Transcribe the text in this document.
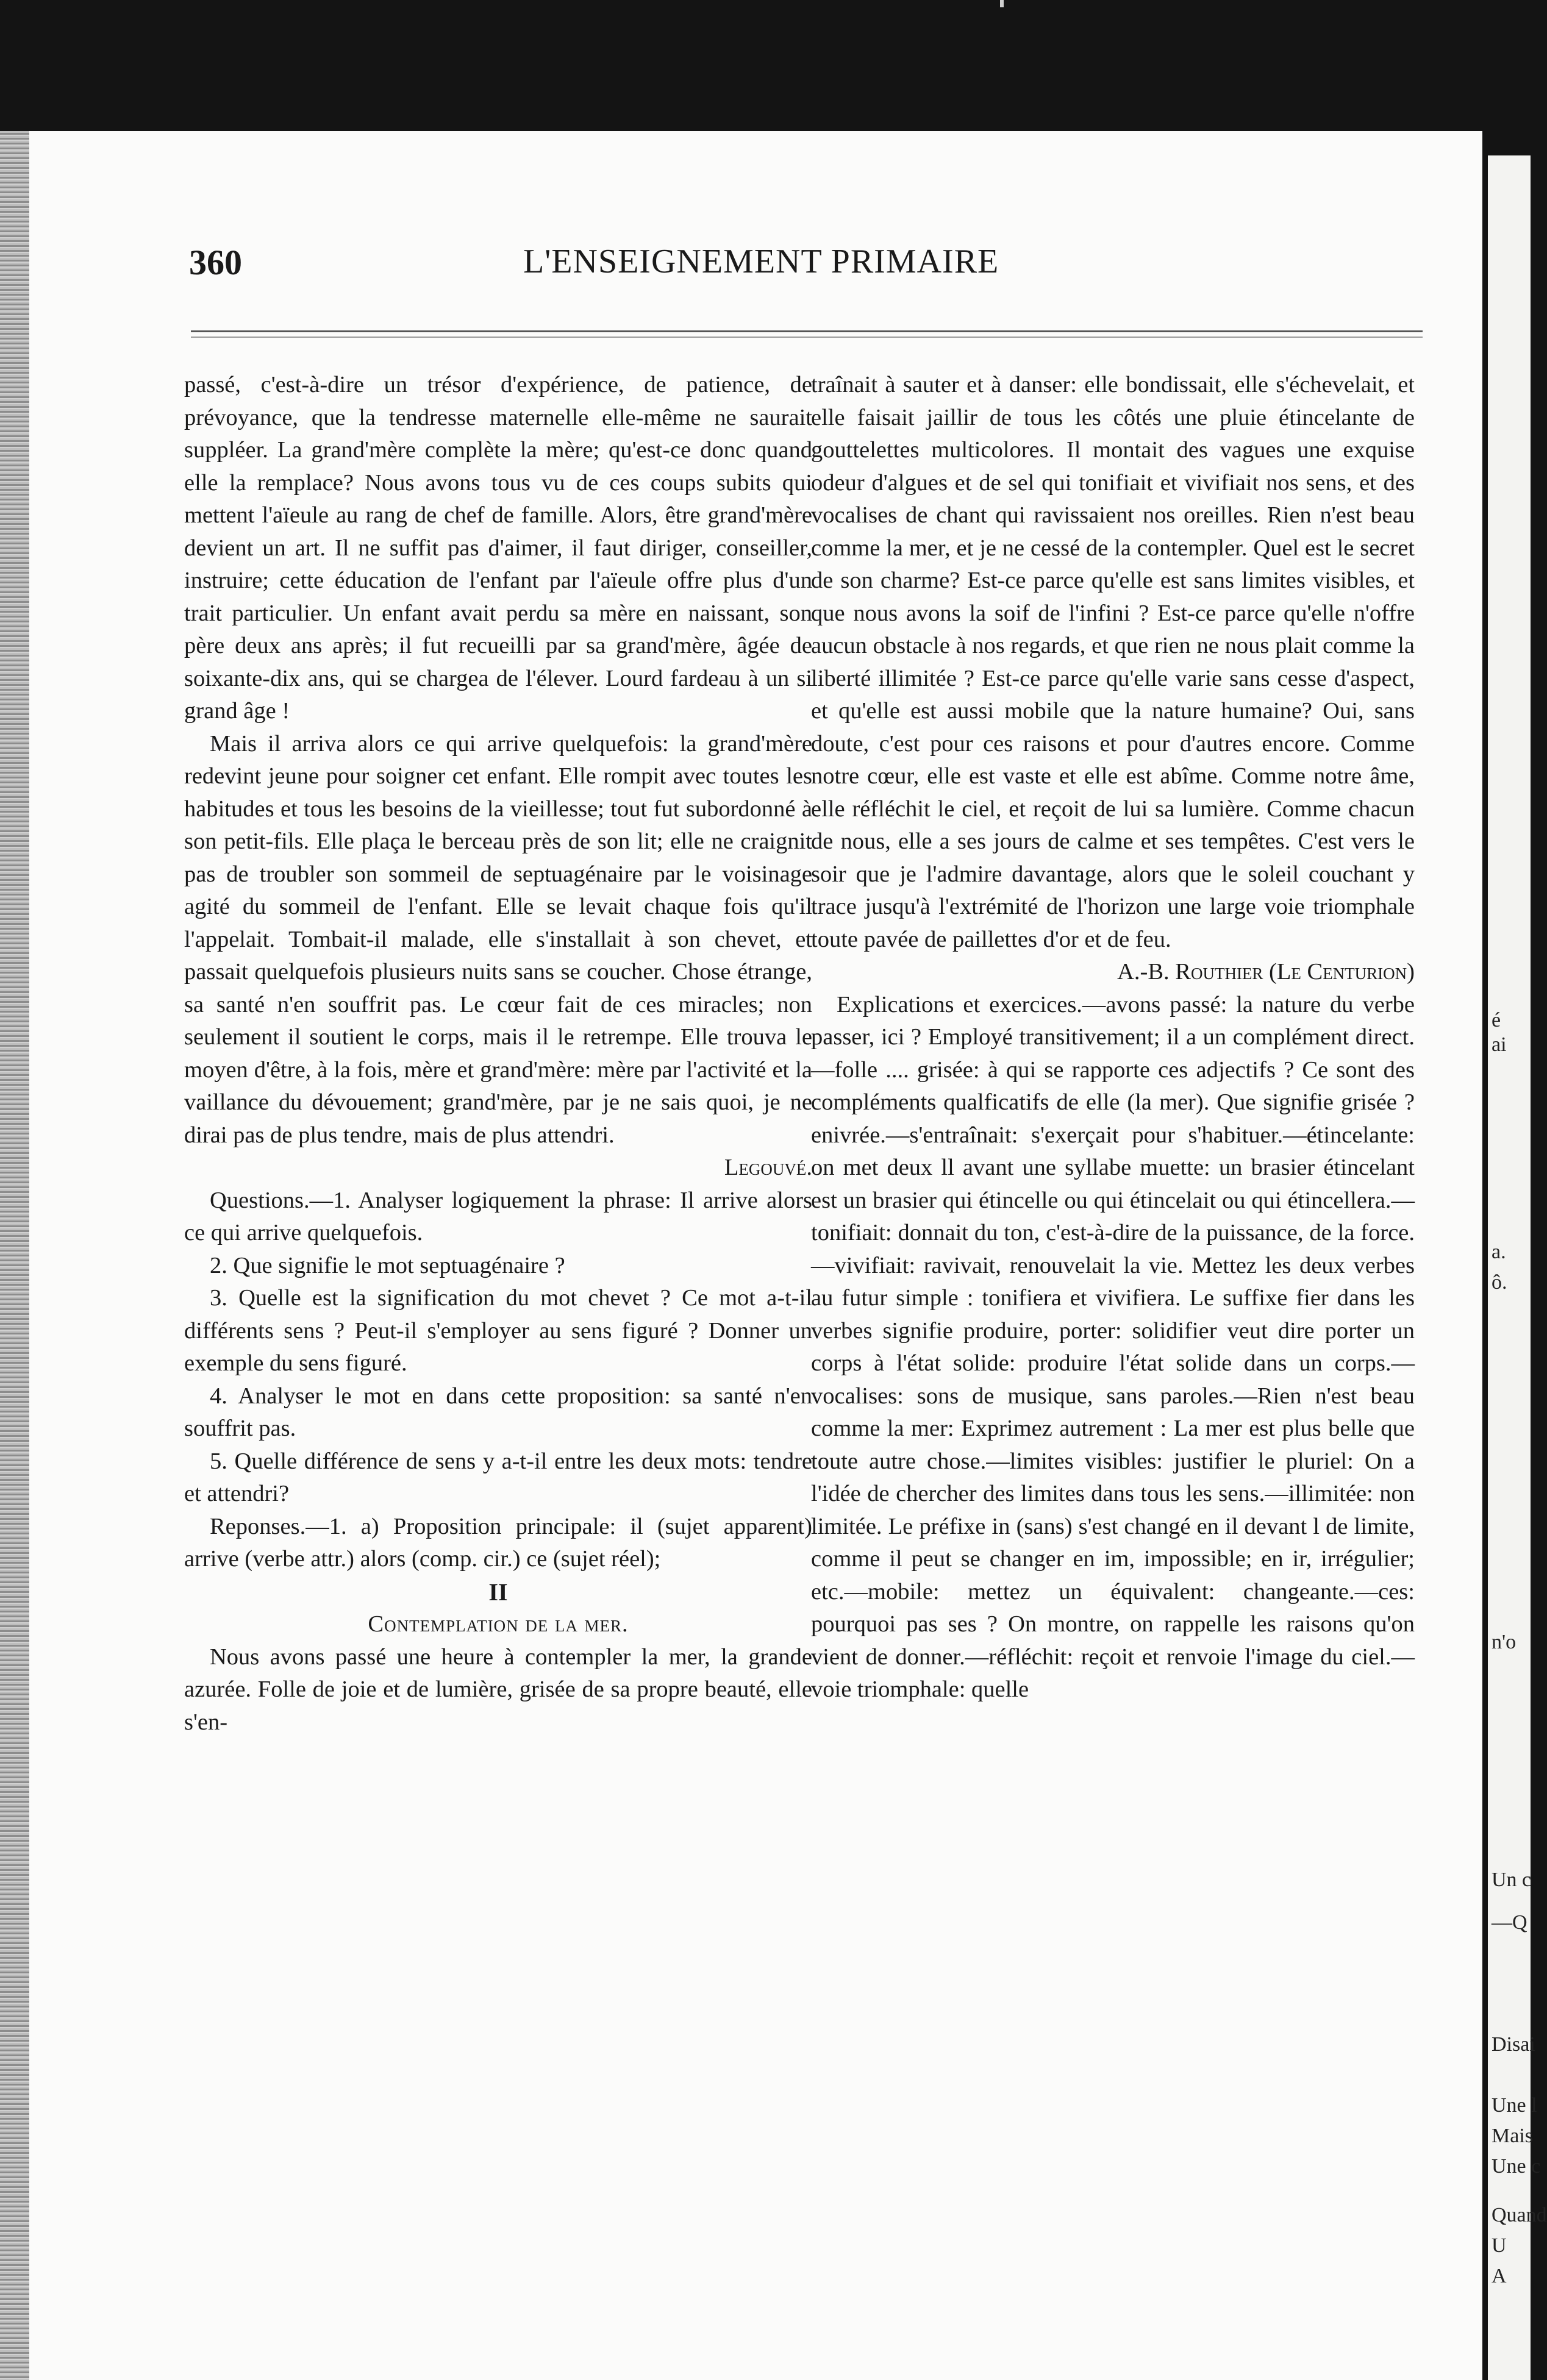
360	L'ENSEIGNEMENT PRIMAIRE

passé, c'est-à-dire un trésor d'expérience, de patience, de prévoyance, que la tendresse maternelle elle-même ne saurait suppléer. La grand'mère complète la mère; qu'est-ce donc quand elle la remplace? Nous avons tous vu de ces coups subits qui mettent l'aïeule au rang de chef de famille. Alors, être grand'mère devient un art. Il ne suffit pas d'aimer, il faut diriger, conseiller, instruire; cette éducation de l'enfant par l'aïeule offre plus d'un trait particulier. Un enfant avait perdu sa mère en naissant, son père deux ans après; il fut recueilli par sa grand'mère, âgée de soixante-dix ans, qui se chargea de l'élever. Lourd fardeau à un si grand âge !

Mais il arriva alors ce qui arrive quelquefois: la grand'mère redevint jeune pour soigner cet enfant. Elle rompit avec toutes les habitudes et tous les besoins de la vieillesse; tout fut subordonné à son petit-fils. Elle plaça le berceau près de son lit; elle ne craignit pas de troubler son sommeil de septuagénaire par le voisinage agité du sommeil de l'enfant. Elle se levait chaque fois qu'il l'appelait. Tombait-il malade, elle s'installait à son chevet, et passait quelquefois plusieurs nuits sans se coucher. Chose étrange, sa santé n'en souffrit pas. Le cœur fait de ces miracles; non seulement il soutient le corps, mais il le retrempe. Elle trouva le moyen d'être, à la fois, mère et grand'mère: mère par l'activité et la vaillance du dévouement; grand'mère, par je ne sais quoi, je ne dirai pas de plus tendre, mais de plus attendri.

Legouvé.

Questions.—1. Analyser logiquement la phrase: Il arrive alors ce qui arrive quelquefois.

2. Que signifie le mot septuagénaire ?

3. Quelle est la signification du mot chevet ? Ce mot a-t-il différents sens ? Peut-il s'employer au sens figuré ? Donner un exemple du sens figuré.

4. Analyser le mot en dans cette proposition: sa santé n'en souffrit pas.

5. Quelle différence de sens y a-t-il entre les deux mots: tendre et attendri?

Reponses.—1. a) Proposition principale: il (sujet apparent) arrive (verbe attr.) alors (comp. cir.) ce (sujet réel);

II

Contemplation de la mer.

Nous avons passé une heure à contempler la mer, la grande azurée. Folle de joie et de lumière, grisée de sa propre beauté, elle s'en-

traînait à sauter et à danser: elle bondissait, elle s'échevelait, et elle faisait jaillir de tous les côtés une pluie étincelante de gouttelettes multicolores. Il montait des vagues une exquise odeur d'algues et de sel qui tonifiait et vivifiait nos sens, et des vocalises de chant qui ravissaient nos oreilles. Rien n'est beau comme la mer, et je ne cessé de la contempler. Quel est le secret de son charme? Est-ce parce qu'elle est sans limites visibles, et que nous avons la soif de l'infini ? Est-ce parce qu'elle n'offre aucun obstacle à nos regards, et que rien ne nous plait comme la liberté illimitée ? Est-ce parce qu'elle varie sans cesse d'aspect, et qu'elle est aussi mobile que la nature humaine? Oui, sans doute, c'est pour ces raisons et pour d'autres encore. Comme notre cœur, elle est vaste et elle est abîme. Comme notre âme, elle réfléchit le ciel, et reçoit de lui sa lumière. Comme chacun de nous, elle a ses jours de calme et ses tempêtes. C'est vers le soir que je l'admire davantage, alors que le soleil couchant y trace jusqu'à l'extrémité de l'horizon une large voie triomphale toute pavée de paillettes d'or et de feu.

A.-B. Routhier (Le Centurion)

Explications et exercices.—avons passé: la nature du verbe passer, ici ? Employé transitivement; il a un complément direct.—folle .... grisée: à qui se rapporte ces adjectifs ? Ce sont des compléments qualficatifs de elle (la mer). Que signifie grisée ? enivrée.—s'entraînait: s'exerçait pour s'habituer.—étincelante: on met deux ll avant une syllabe muette: un brasier étincelant est un brasier qui étincelle ou qui étincelait ou qui étincellera.—tonifiait: donnait du ton, c'est-à-dire de la puissance, de la force.—vivifiait: ravivait, renouvelait la vie. Mettez les deux verbes au futur simple : tonifiera et vivifiera. Le suffixe fier dans les verbes signifie produire, porter: solidifier veut dire porter un corps à l'état solide: produire l'état solide dans un corps.—vocalises: sons de musique, sans paroles.—Rien n'est beau comme la mer: Exprimez autrement : La mer est plus belle que toute autre chose.—limites visibles: justifier le pluriel: On a l'idée de chercher des limites dans tous les sens.—illimitée: non limitée. Le préfixe in (sans) s'est changé en il devant l de limite, comme il peut se changer en im, impossible; en ir, irrégulier; etc.—mobile: mettez un équivalent: changeante.—ces: pourquoi pas ses ? On montre, on rappelle les raisons qu'on vient de donner.—réfléchit: reçoit et renvoie l'image du ciel.—voie triomphale: quelle

é
ai
a.
ô.
n'o
Un c
—Q
Disai
Une l
Mais
Une c
Quand
U
A
